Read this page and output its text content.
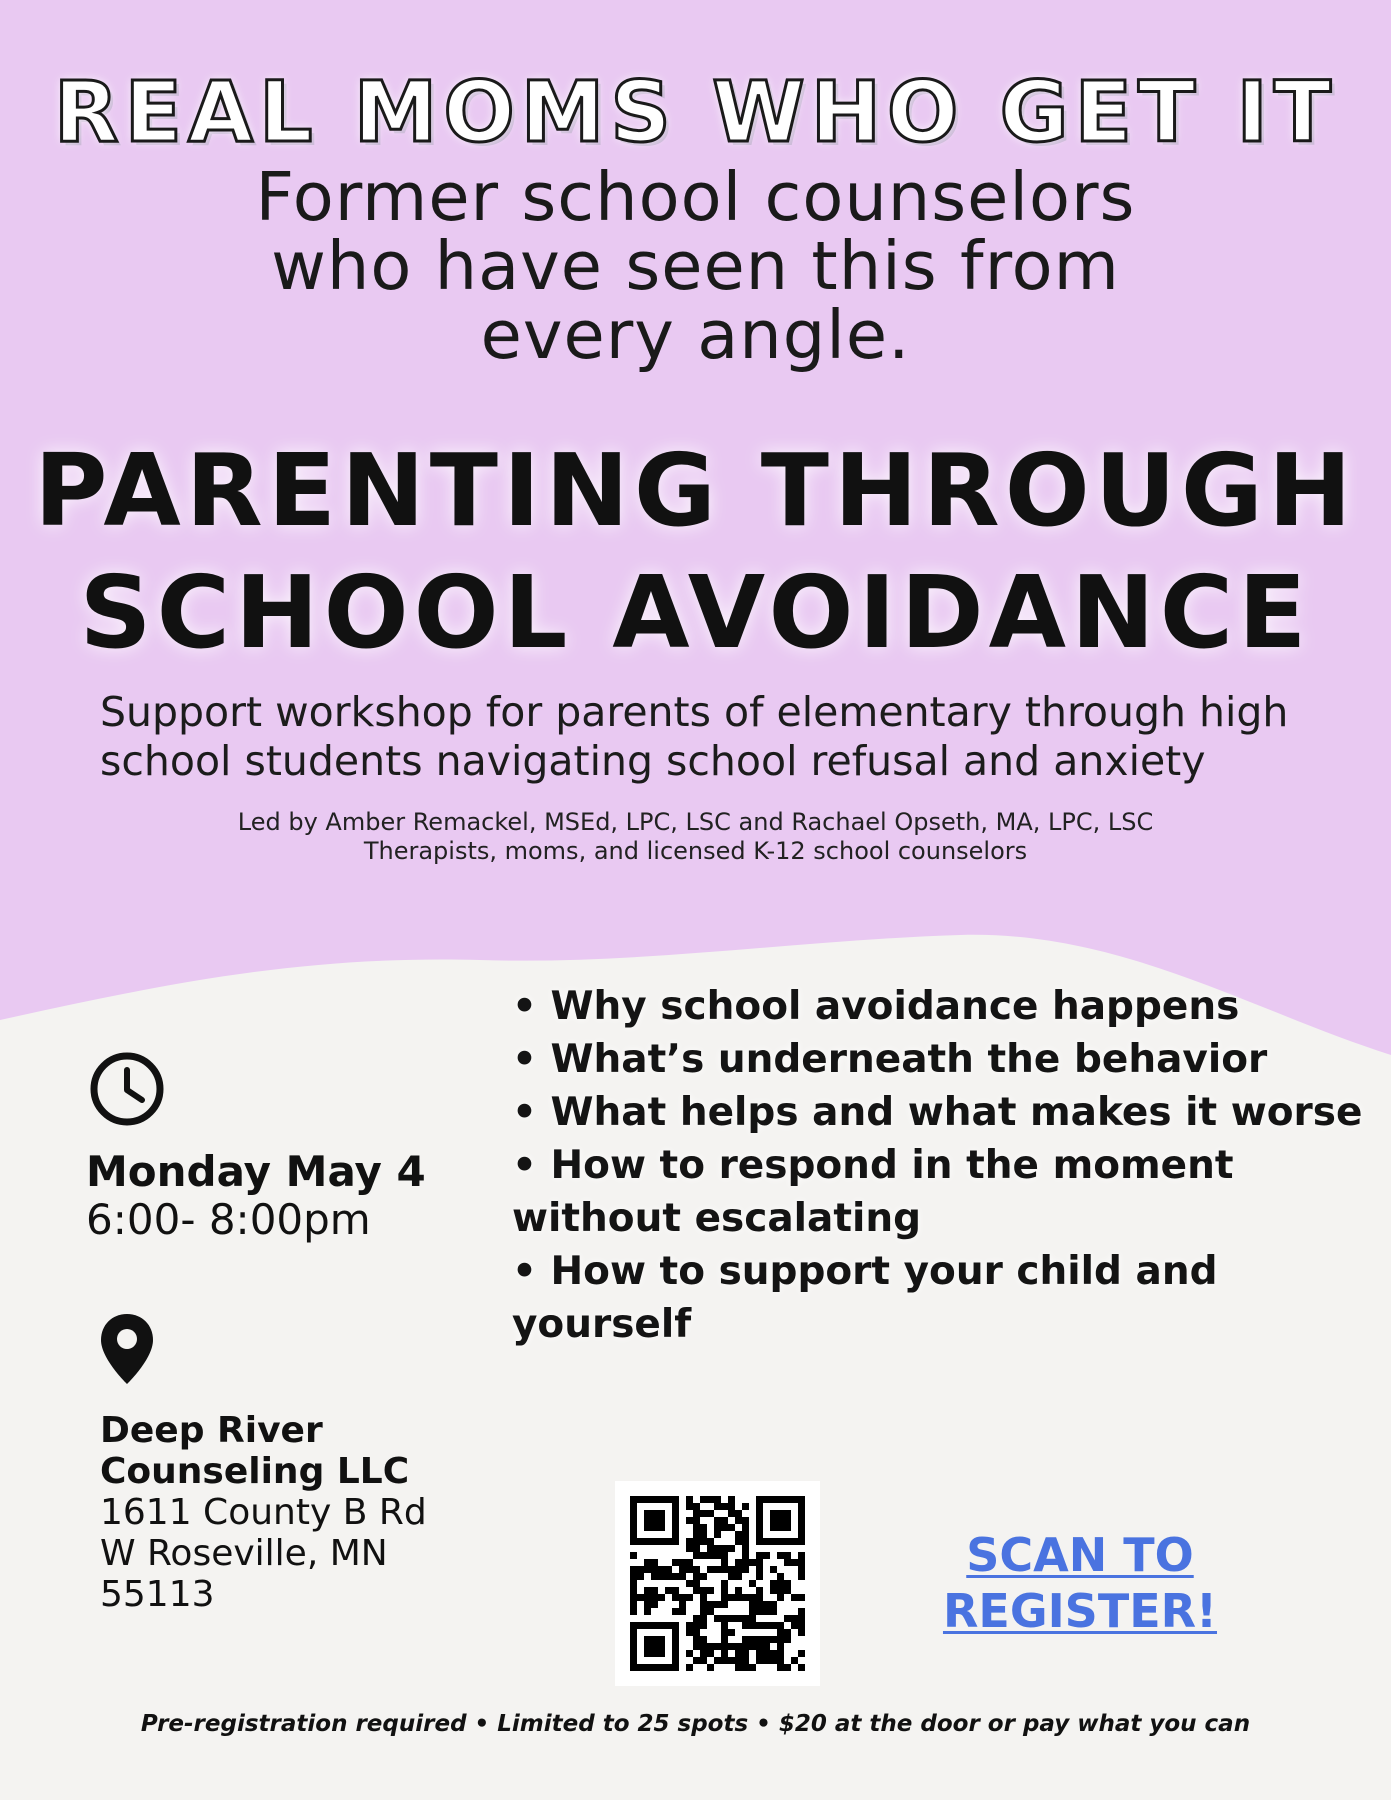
REAL MOMS WHO GET IT
Former school counselors
who have seen this from
every angle.
PARENTING THROUGH
SCHOOL AVOIDANCE
Support workshop for parents of elementary through high
school students navigating school refusal and anxiety
Led by Amber Remackel, MSEd, LPC, LSC and Rachael Opseth, MA, LPC, LSC
Therapists, moms, and licensed K-12 school counselors
Monday May 4
6:00- 8:00pm
Deep River
Counseling LLC
1611 County B Rd
W Roseville, MN
55113
• Why school avoidance happens
• What’s underneath the behavior
• What helps and what makes it worse
• How to respond in the moment without escalating
• How to support your child and yourself
SCAN TO
REGISTER!
Pre-registration required • Limited to 25 spots • $20 at the door or pay what you can
